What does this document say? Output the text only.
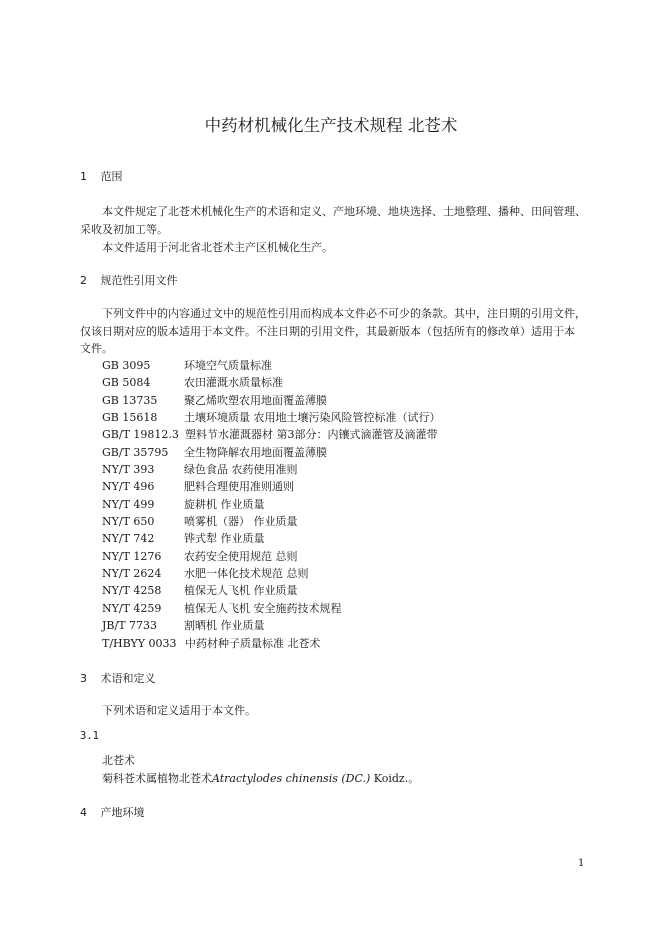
中药材机械化生产技术规程 北苍术
1 范围
本文件规定了北苍术机械化生产的术语和定义、产地环境、地块选择、土地整理、播种、田间管理、
采收及初加工等。
本文件适用于河北省北苍术主产区机械化生产。
2 规范性引用文件
下列文件中的内容通过文中的规范性引用而构成本文件必不可少的条款。其中，注日期的引用文件，
仅该日期对应的版本适用于本文件。不注日期的引用文件，其最新版本（包括所有的修改单）适用于本
文件。
GB 3095	环境空气质量标准
GB 5084	农田灌溉水质量标准
GB 13735 聚乙烯吹塑农用地面覆盖薄膜
GB 15618 土壤环境质量 农用地土壤污染风险管控标准（试行）
GB/T 19812.3 塑料节水灌溉器材 第3部分：内镶式滴灌管及滴灌带
GB/T 35795 全生物降解农用地面覆盖薄膜
NY/T 393	绿色食品 农药使用准则
NY/T 496	肥料合理使用准则通则
NY/T 499	旋耕机 作业质量
NY/T 650	喷雾机（器） 作业质量
NY/T 742	铧式犁 作业质量
NY/T 1276 农药安全使用规范 总则
NY/T 2624 水肥一体化技术规范 总则
NY/T 4258 植保无人飞机 作业质量
NY/T 4259 植保无人飞机 安全施药技术规程
JB/T 7733 割晒机 作业质量
T/HBYY 0033 中药材种子质量标准 北苍术
3 术语和定义
下列术语和定义适用于本文件。
3.1
北苍术
菊科苍术属植物北苍术Atractylodes chinensis (DC.) Koidz.。
4 产地环境
1
